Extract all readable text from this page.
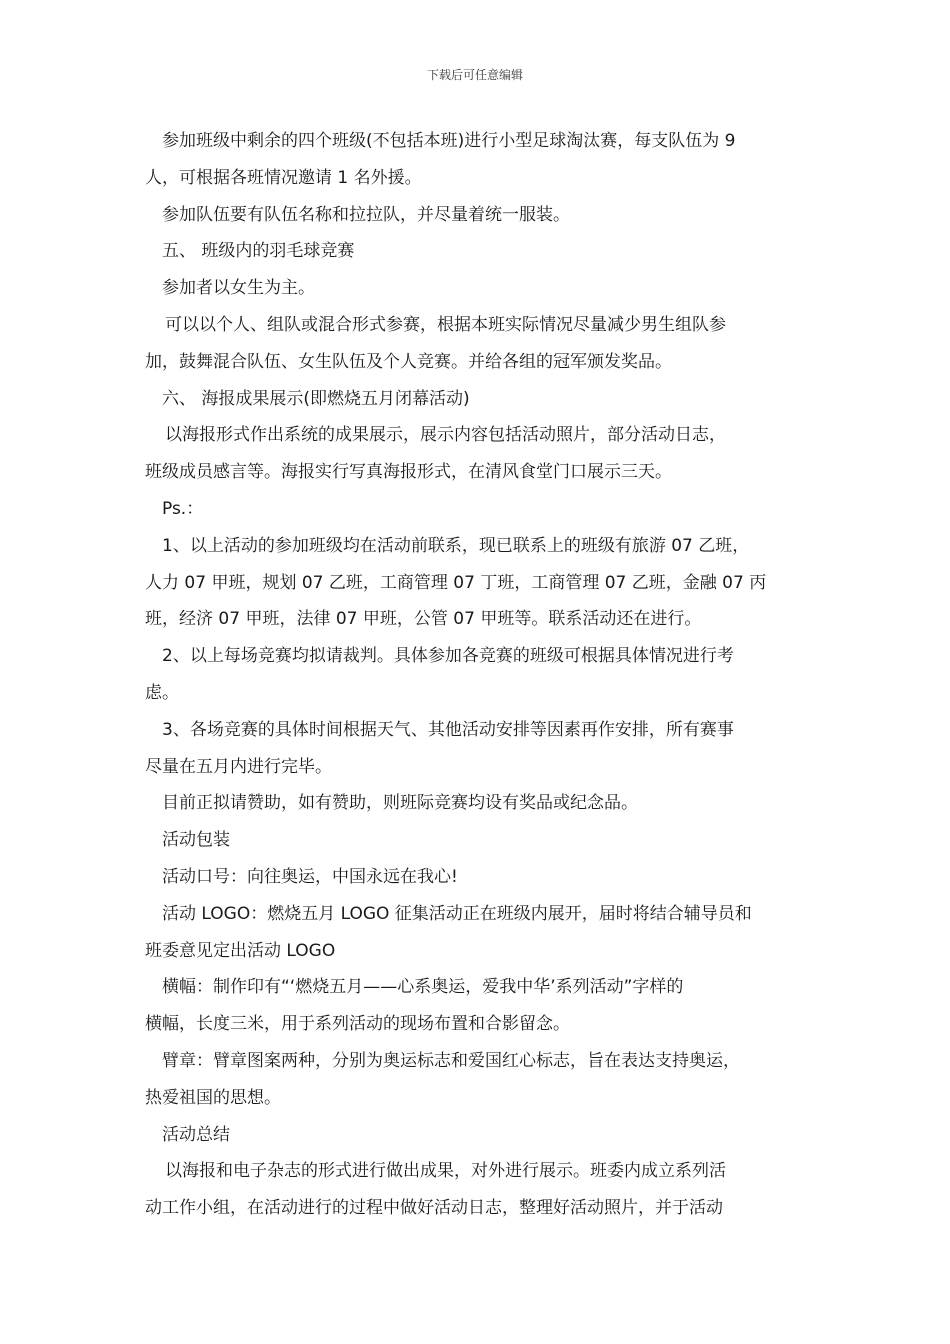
下载后可任意编辑

参加班级中剩余的四个班级(不包括本班)进行小型足球淘汰赛，每支队伍为 9

人，可根据各班情况邀请 1 名外援。

参加队伍要有队伍名称和拉拉队，并尽量着统一服装。

五、 班级内的羽毛球竞赛

参加者以女生为主。

可以以个人、组队或混合形式参赛，根据本班实际情况尽量减少男生组队参

加，鼓舞混合队伍、女生队伍及个人竞赛。并给各组的冠军颁发奖品。

六、 海报成果展示(即燃烧五月闭幕活动)

以海报形式作出系统的成果展示，展示内容包括活动照片，部分活动日志，

班级成员感言等。海报实行写真海报形式，在清风食堂门口展示三天。

Ps.：

1、以上活动的参加班级均在活动前联系，现已联系上的班级有旅游 07 乙班，

人力 07 甲班，规划 07 乙班，工商管理 07 丁班，工商管理 07 乙班，金融 07 丙

班，经济 07 甲班，法律 07 甲班，公管 07 甲班等。联系活动还在进行。

2、以上每场竞赛均拟请裁判。具体参加各竞赛的班级可根据具体情况进行考

虑。

3、各场竞赛的具体时间根据天气、其他活动安排等因素再作安排，所有赛事

尽量在五月内进行完毕。

目前正拟请赞助，如有赞助，则班际竞赛均设有奖品或纪念品。

活动包装

活动口号：向往奥运，中国永远在我心!

活动 LOGO：燃烧五月 LOGO 征集活动正在班级内展开，届时将结合辅导员和

班委意见定出活动 LOGO

横幅：制作印有“‘燃烧五月——心系奥运，爱我中华’系列活动”字样的

横幅，长度三米，用于系列活动的现场布置和合影留念。

臂章：臂章图案两种，分别为奥运标志和爱国红心标志，旨在表达支持奥运，

热爱祖国的思想。

活动总结

以海报和电子杂志的形式进行做出成果，对外进行展示。班委内成立系列活

动工作小组，在活动进行的过程中做好活动日志，整理好活动照片，并于活动
